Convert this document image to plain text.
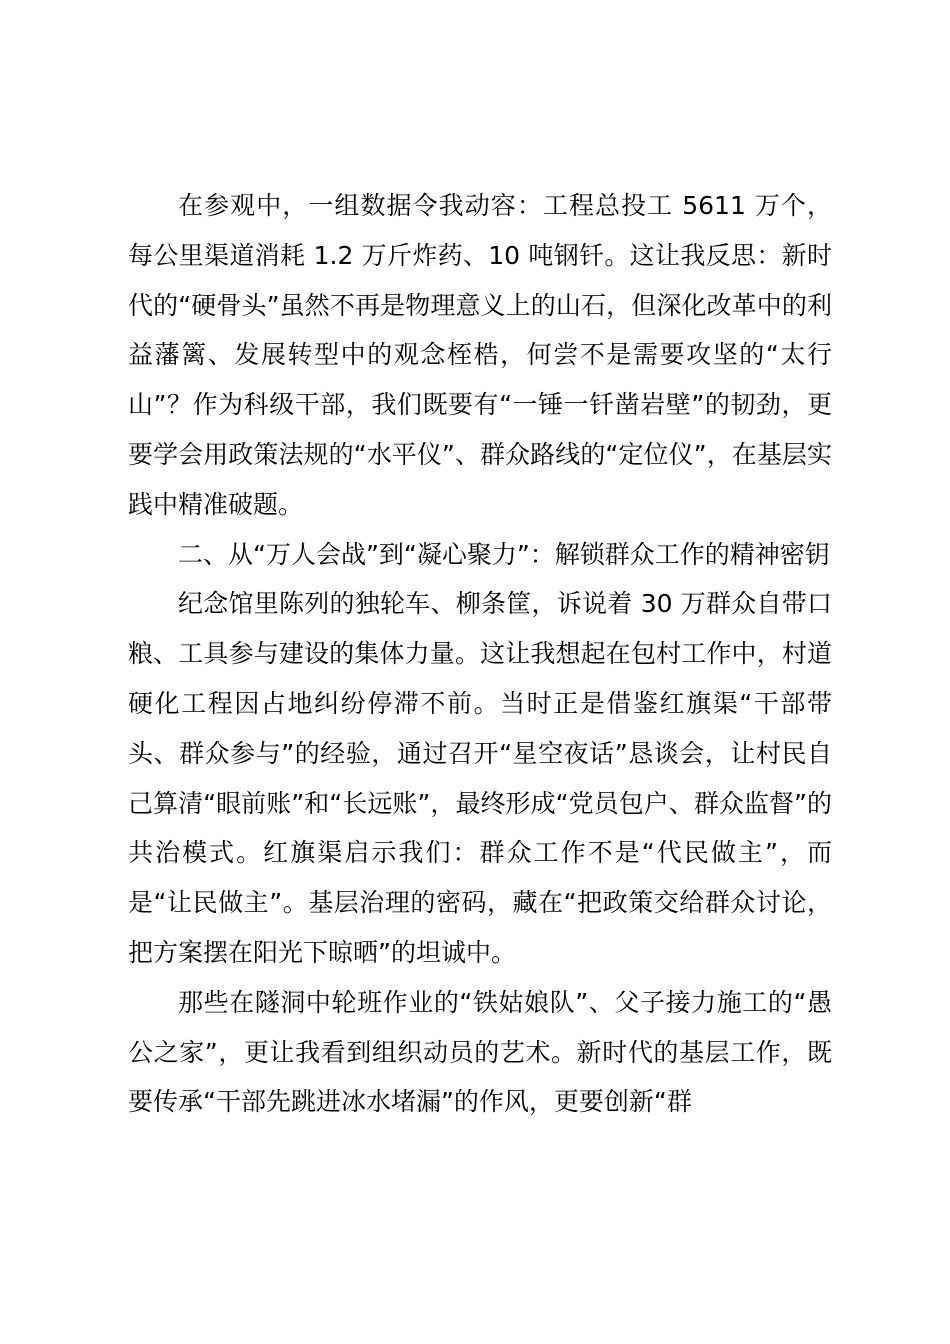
在参观中，一组数据令我动容：工程总投工 5611 万个，每公里渠道消耗 1.2 万斤炸药、10 吨钢钎。这让我反思：新时代的“硬骨头”虽然不再是物理意义上的山石，但深化改革中的利益藩篱、发展转型中的观念桎梏，何尝不是需要攻坚的“太行山”？作为科级干部，我们既要有“一锤一钎凿岩壁”的韧劲，更要学会用政策法规的“水平仪”、群众路线的“定位仪”，在基层实践中精准破题。

二、从“万人会战”到“凝心聚力”：解锁群众工作的精神密钥

纪念馆里陈列的独轮车、柳条筐，诉说着 30 万群众自带口粮、工具参与建设的集体力量。这让我想起在包村工作中，村道硬化工程因占地纠纷停滞不前。当时正是借鉴红旗渠“干部带头、群众参与”的经验，通过召开“星空夜话”恳谈会，让村民自己算清“眼前账”和“长远账”，最终形成“党员包户、群众监督”的共治模式。红旗渠启示我们：群众工作不是“代民做主”，而是“让民做主”。基层治理的密码，藏在“把政策交给群众讨论，把方案摆在阳光下晾晒”的坦诚中。

那些在隧洞中轮班作业的“铁姑娘队”、父子接力施工的“愚公之家”，更让我看到组织动员的艺术。新时代的基层工作，既要传承“干部先跳进冰水堵漏”的作风，更要创新“群
